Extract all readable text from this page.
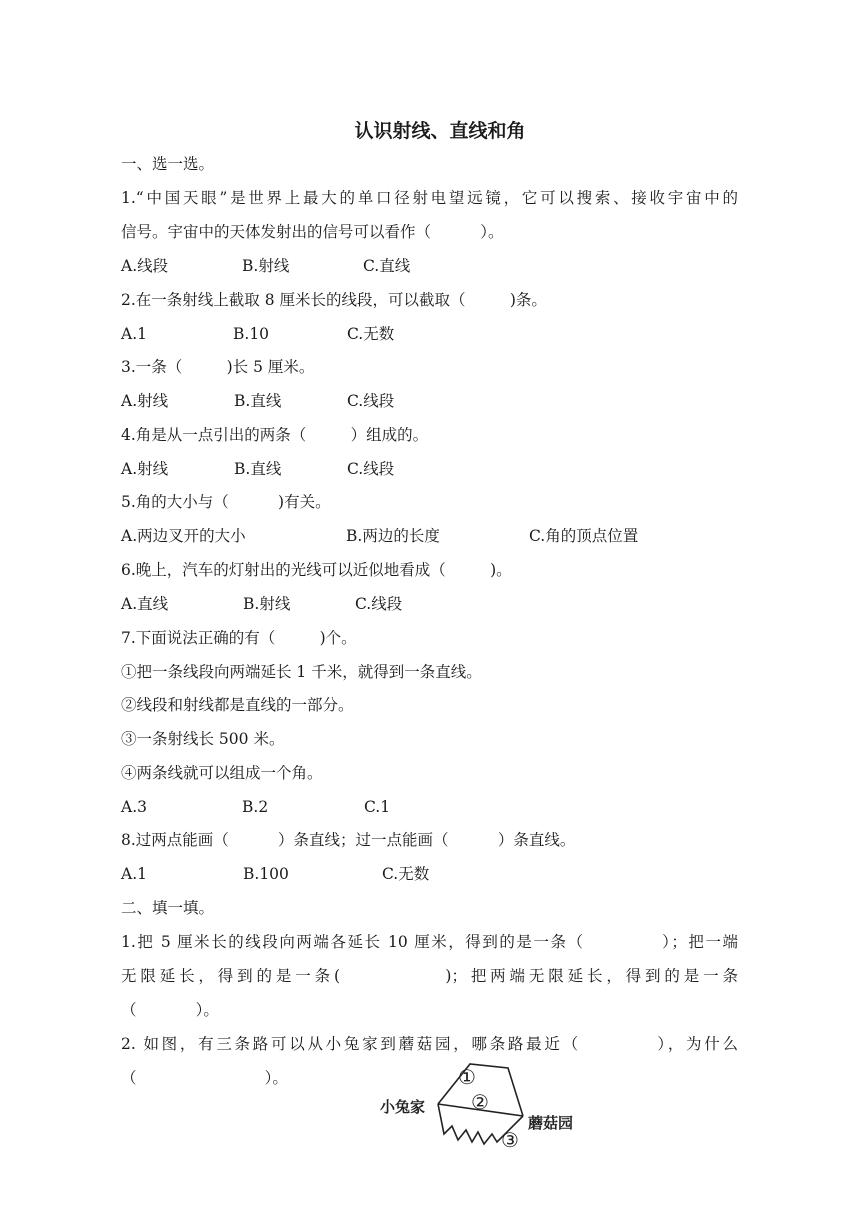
认识射线、直线和角
一、选一选。
1.“中国天眼”是世界上最大的单口径射电望远镜，它可以搜索、接收宇宙中的
信号。宇宙中的天体发射出的信号可以看作（          ）。
A.线段	B.射线	C.直线
2.在一条射线上截取 8 厘米长的线段，可以截取（         )条。
A.1	B.10	C.无数
3.一条（         )长 5 厘米。
A.射线	B.直线	C.线段
4.角是从一点引出的两条（         ）组成的。
A.射线	B.直线	C.线段
5.角的大小与（          )有关。
A.两边叉开的大小	B.两边的长度	C.角的顶点位置
6.晚上，汽车的灯射出的光线可以近似地看成（         )。
A.直线	B.射线	C.线段
7.下面说法正确的有（         )个。
①把一条线段向两端延长 1 千米，就得到一条直线。
②线段和射线都是直线的一部分。
③一条射线长 500 米。
④两条线就可以组成一个角。
A.3	B.2	C.1
8.过两点能画（          ）条直线；过一点能画（          ）条直线。
A.1	B.100	C.无数
二、填一填。
1.把 5 厘米长的线段向两端各延长 10 厘米，得到的是一条（            ）；把一端
无限延长，得到的是一条(            )；把两端无限延长，得到的是一条
（            ）。
2. 如图，有三条路可以从小兔家到蘑菇园，哪条路最近（          ），为什么
（                          ）。	①
②
③
小兔家
蘑菇园
